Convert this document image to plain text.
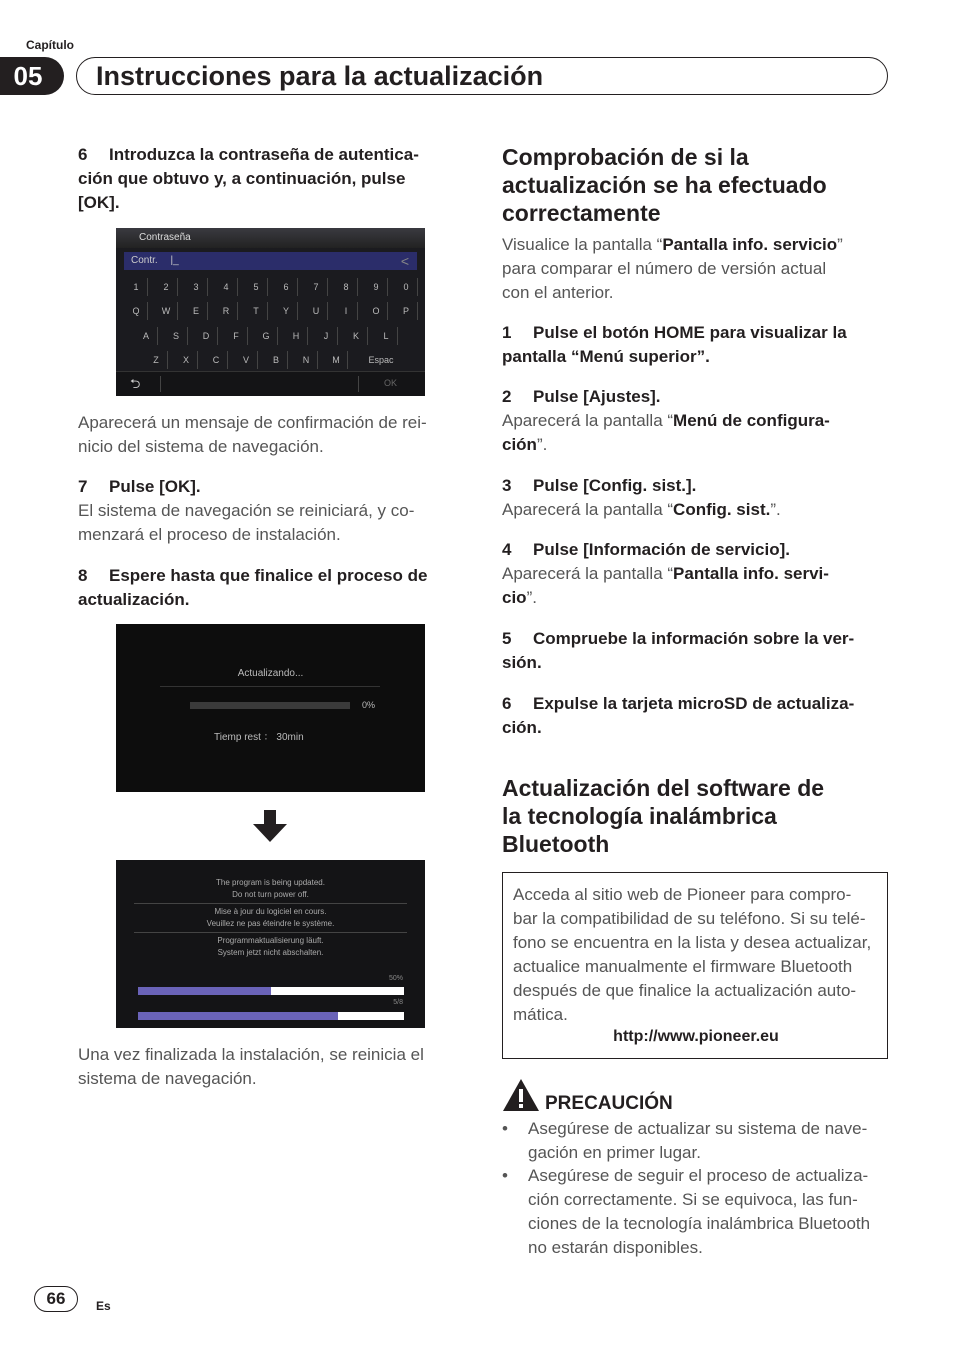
Capítulo
05	Instrucciones para la actualización
6 Introduzca la contraseña de autentica-
ción que obtuvo y, a continuación, pulse
[OK].
Contraseña
Contr. |_	<
1	2	3	4	5	6	7	8	9	0
Q	W	E	R	T	Y	U	I	O	P
A	S	D	F	G	H	J	K	L
Z	X	C	V	B	N	M	Espac
⮌	OK
Aparecerá un mensaje de confirmación de rei-
nicio del sistema de navegación.
7 Pulse [OK].
El sistema de navegación se reiniciará, y co-
menzará el proceso de instalación.
8 Espere hasta que finalice el proceso de
actualización.
Actualizando...
0%
Tiemp rest ： 30min
The program is being updated.
Do not turn power off.
Mise à jour du logiciel en cours.
Veuillez ne pas éteindre le système.
Programmaktualisierung läuft.
System jetzt nicht abschalten.
50%
5/8
Una vez finalizada la instalación, se reinicia el
sistema de navegación.
Comprobación de si la
actualización se ha efectuado
correctamente
Visualice la pantalla “Pantalla info. servicio”
para comparar el número de versión actual
con el anterior.
1 Pulse el botón HOME para visualizar la
pantalla “Menú superior”.
2 Pulse [Ajustes].
Aparecerá la pantalla “Menú de configura-
ción”.
3 Pulse [Config. sist.].
Aparecerá la pantalla “Config. sist.”.
4 Pulse [Información de servicio].
Aparecerá la pantalla “Pantalla info. servi-
cio”.
5 Compruebe la información sobre la ver-
sión.
6 Expulse la tarjeta microSD de actualiza-
ción.
Actualización del software de
la tecnología inalámbrica
Bluetooth
Acceda al sitio web de Pioneer para compro-
bar la compatibilidad de su teléfono. Si su telé-
fono se encuentra en la lista y desea actualizar,
actualice manualmente el firmware Bluetooth
después de que finalice la actualización auto-
mática.
http://www.pioneer.eu
PRECAUCIÓN
• Asegúrese de actualizar su sistema de nave-
gación en primer lugar.
• Asegúrese de seguir el proceso de actualiza-
ción correctamente. Si se equivoca, las fun-
ciones de la tecnología inalámbrica Bluetooth
no estarán disponibles.
66	Es
